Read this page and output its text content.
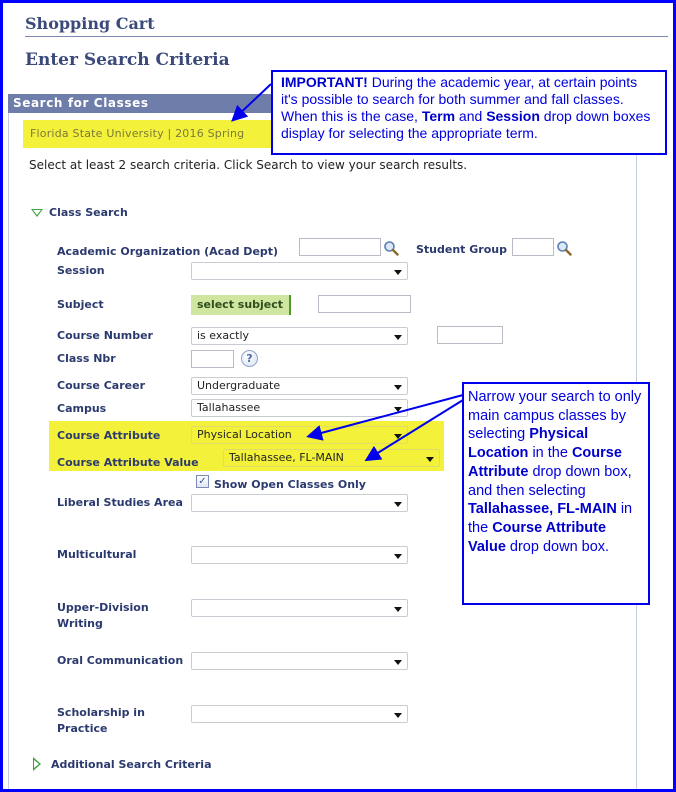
Shopping Cart
Enter Search Criteria
Search for Classes
Florida State University | 2016 Spring
Select at least 2 search criteria. Click Search to view your search results.
Class Search
Academic Organization (Acad Dept)	Student Group
Session
Subject	select subject
Course Number	is exactly
Class Nbr	?
Course Career	Undergraduate
Campus	Tallahassee
Course Attribute	Physical Location
Course Attribute Value	Tallahassee, FL-MAIN
✓ Show Open Classes Only
Liberal Studies Area
Multicultural
Upper-Division
Writing
Oral Communication
Scholarship in
Practice
Additional Search Criteria
IMPORTANT! During the academic year, at certain points it's possible to search for both summer and fall classes. When this is the case, Term and Session drop down boxes display for selecting the appropriate term.
Narrow your search to only main campus classes by selecting Physical Location in the Course Attribute drop down box, and then selecting Tallahassee, FL-MAIN in the Course Attribute Value drop down box.
